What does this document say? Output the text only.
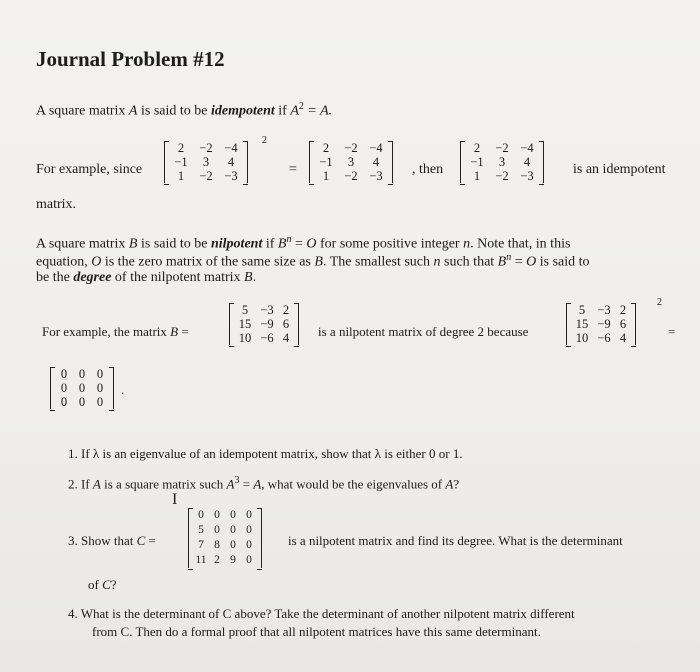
Journal Problem #12
A square matrix A is said to be idempotent if $A^2 = A$.
For example, since
2	−2 −4
−1	3	4
1	−2 −3
2
=
2	−2 −4
−1	3	4
1	−2 −3	, then
2	−2 −4
−1	3	4
1	−2 −3	is an idempotent
matrix.
A square matrix B is said to be nilpotent if $B^n = O$ for some positive integer n. Note that, in this
equation, O is the zero matrix of the same size as B. The smallest such n such that $B^n = O$ is said to
be the degree of the nilpotent matrix B.
For example, the matrix B =
5 −3 2
15 −9 6
10 −6 4	is a nilpotent matrix of degree 2 because
5 −3 2
15 −9 6
10 −6 4
2
=
0 0 0
0 0 0
0 0 0
.
1. If λ is an eigenvalue of an idempotent matrix, show that λ is either 0 or 1.
2. If A is a square matrix such $A^3 = A$, what would be the eigenvalues of A?
I
3. Show that C =
0 0 0 0
5 0 0 0
7 8 0 0
11 2 9 0
is a nilpotent matrix and find its degree. What is the determinant
of C?
4. What is the determinant of C above? Take the determinant of another nilpotent matrix different
from C. Then do a formal proof that all nilpotent matrices have this same determinant.
